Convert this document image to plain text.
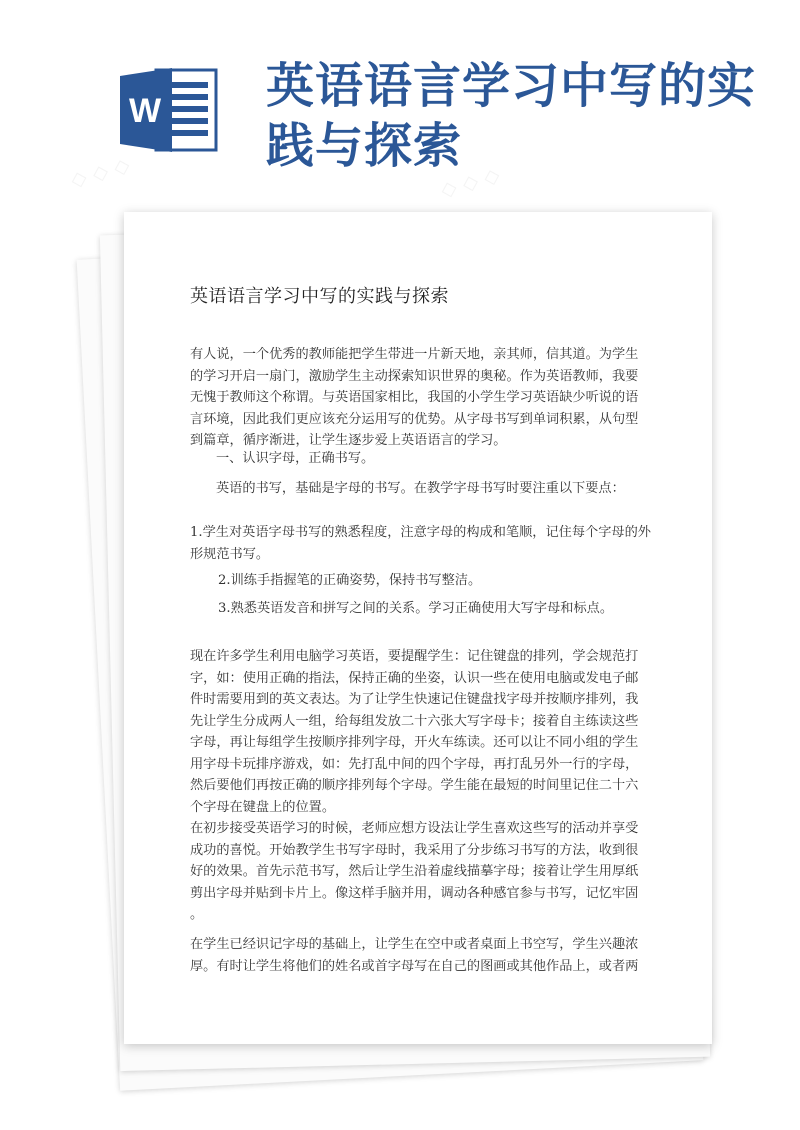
W 英语语言学习中写的实
践与探索
英语语言学习中写的实践与探索
有人说，一个优秀的教师能把学生带进一片新天地，亲其师，信其道。为学生
的学习开启一扇门，激励学生主动探索知识世界的奥秘。作为英语教师，我要
无愧于教师这个称谓。与英语国家相比，我国的小学生学习英语缺少听说的语
言环境，因此我们更应该充分运用写的优势。从字母书写到单词积累，从句型
到篇章，循序渐进，让学生逐步爱上英语语言的学习。
一、认识字母，正确书写。
英语的书写，基础是字母的书写。在教学字母书写时要注重以下要点：
1.学生对英语字母书写的熟悉程度，注意字母的构成和笔顺，记住每个字母的外
形规范书写。
2.训练手指握笔的正确姿势，保持书写整洁。
3.熟悉英语发音和拼写之间的关系。学习正确使用大写字母和标点。
现在许多学生利用电脑学习英语，要提醒学生：记住键盘的排列，学会规范打
字，如：使用正确的指法，保持正确的坐姿，认识一些在使用电脑或发电子邮
件时需要用到的英文表达。为了让学生快速记住键盘找字母并按顺序排列，我
先让学生分成两人一组，给每组发放二十六张大写字母卡；接着自主练读这些
字母，再让每组学生按顺序排列字母，开火车练读。还可以让不同小组的学生
用字母卡玩排序游戏，如：先打乱中间的四个字母，再打乱另外一行的字母，
然后要他们再按正确的顺序排列每个字母。学生能在最短的时间里记住二十六
个字母在键盘上的位置。
在初步接受英语学习的时候，老师应想方设法让学生喜欢这些写的活动并享受
成功的喜悦。开始教学生书写字母时，我采用了分步练习书写的方法，收到很
好的效果。首先示范书写，然后让学生沿着虚线描摹字母；接着让学生用厚纸
剪出字母并贴到卡片上。像这样手脑并用，调动各种感官参与书写，记忆牢固
。
在学生已经识记字母的基础上，让学生在空中或者桌面上书空写，学生兴趣浓
厚。有时让学生将他们的姓名或首字母写在自己的图画或其他作品上，或者两
◇ ◇ ◇	◇ ◇ ◇
